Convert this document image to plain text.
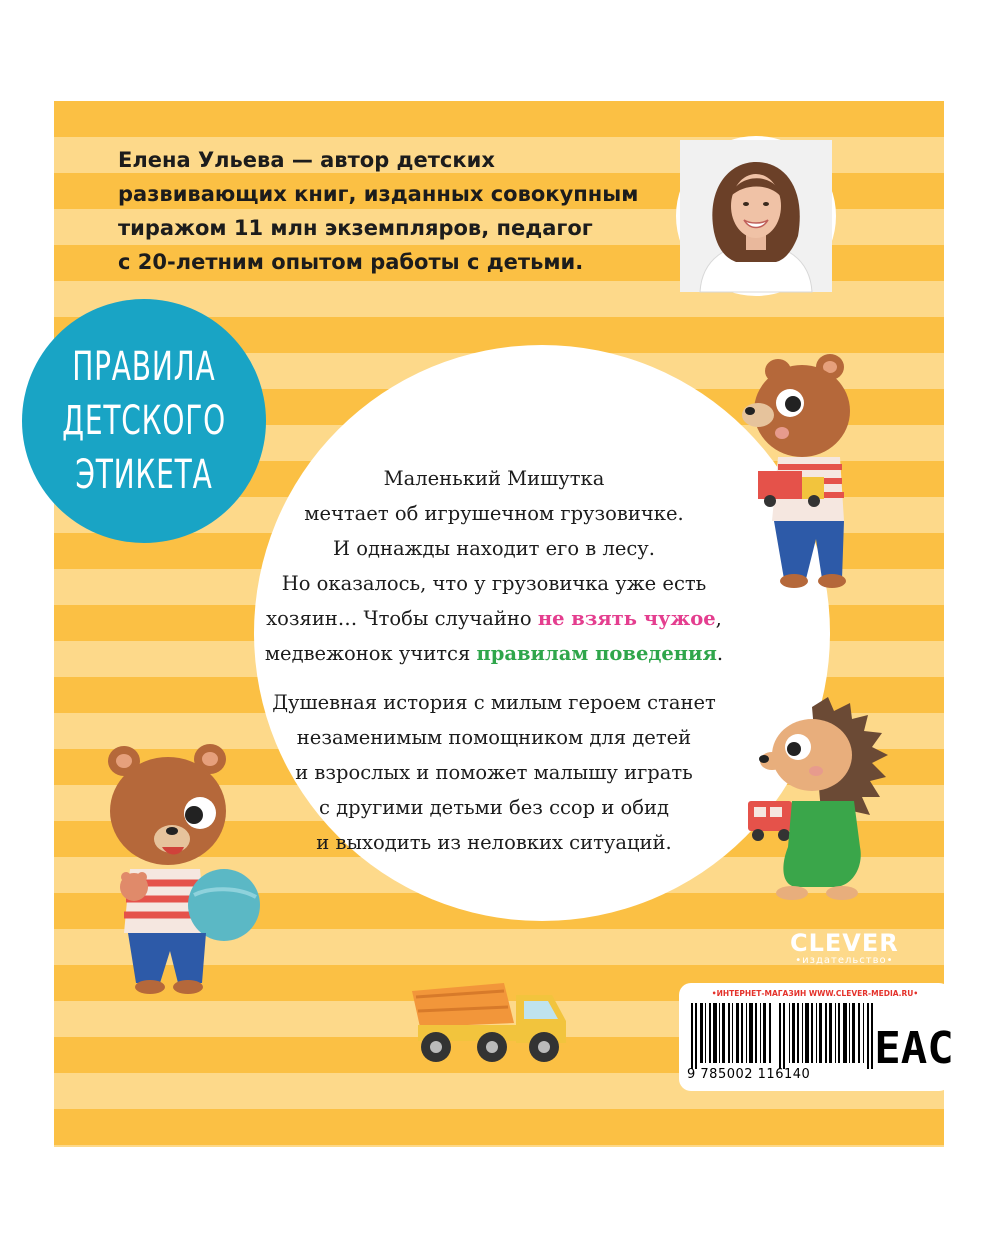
Елена Ульева — автор детских
развивающих книг, изданных совокупным
тиражом 11 млн экземпляров, педагог
с 20-летним опытом работы с детьми.
ПРАВИЛА
ДЕТСКОГО
ЭТИКЕТА	Маленький Мишутка
мечтает об игрушечном грузовичке.
И однажды находит его в лесу.
Но оказалось, что у грузовичка уже есть
хозяин… Чтобы случайно не взять чужое,
медвежонок учится правилам поведения.

Душевная история с милым героем станет
незаменимым помощником для детей
и взрослых и поможет малышу играть
с другими детьми без ссор и обид
и выходить из неловких ситуаций.

CLEVER
•издательство•
•ИНТЕРНЕТ-МАГАЗИН WWW.CLEVER-MEDIA.RU•
9 785002 116140
EAC
